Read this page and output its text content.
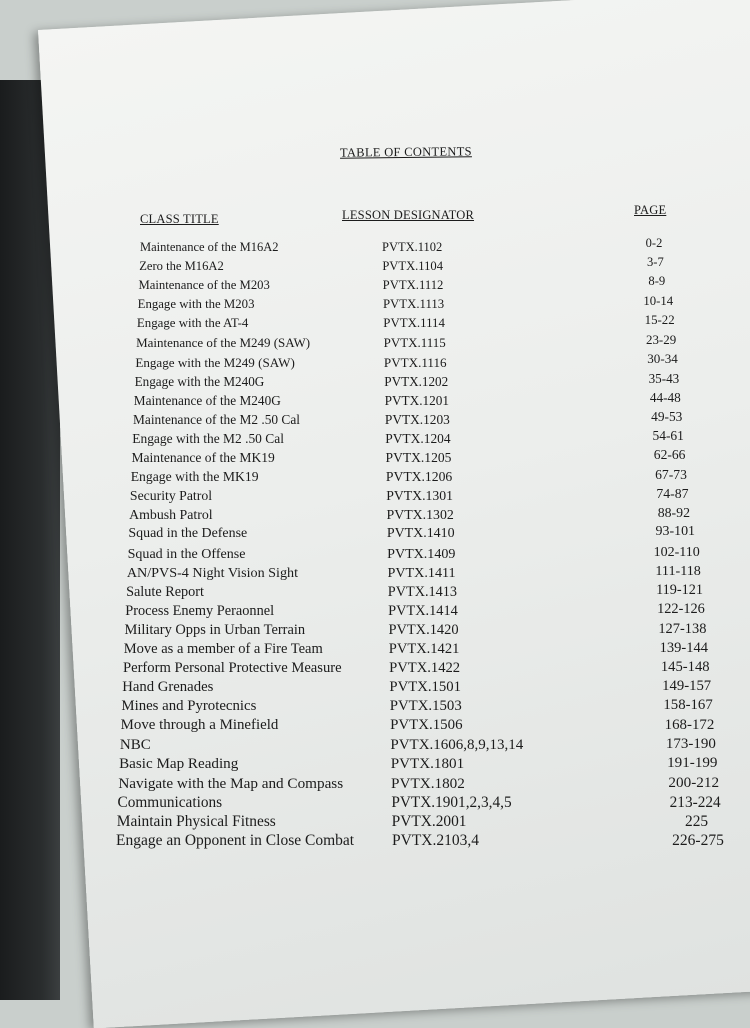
TABLE OF CONTENTS
CLASS TITLE	LESSON DESIGNATOR	PAGE
Maintenance of the M16A2	PVTX.1102	0-2
Zero the M16A2	PVTX.1104	3-7
Maintenance of the M203	PVTX.1112	8-9
Engage with the M203	PVTX.1113	10-14
Engage with the AT-4	PVTX.1114	15-22
Maintenance of the M249 (SAW)	PVTX.1115	23-29
Engage with the M249 (SAW)	PVTX.1116	30-34
Engage with the M240G	PVTX.1202	35-43
Maintenance of the M240G	PVTX.1201	44-48
Maintenance of the M2 .50 Cal	PVTX.1203	49-53
Engage with the M2 .50 Cal	PVTX.1204	54-61
Maintenance of the MK19	PVTX.1205	62-66
Engage with the MK19	PVTX.1206	67-73
Security Patrol	PVTX.1301	74-87
Ambush Patrol	PVTX.1302	88-92
Squad in the Defense	PVTX.1410	93-101
Squad in the Offense	PVTX.1409	102-110
AN/PVS-4 Night Vision Sight	PVTX.1411	111-118
Salute Report	PVTX.1413	119-121
Process Enemy Peraonnel	PVTX.1414	122-126
Military Opps in Urban Terrain	PVTX.1420	127-138
Move as a member of a Fire Team	PVTX.1421	139-144
Perform Personal Protective Measure	PVTX.1422	145-148
Hand Grenades	PVTX.1501	149-157
Mines and Pyrotecnics	PVTX.1503	158-167
Move through a Minefield	PVTX.1506	168-172
NBC	PVTX.1606,8,9,13,14	173-190
Basic Map Reading	PVTX.1801	191-199
Navigate with the Map and Compass	PVTX.1802	200-212
Communications	PVTX.1901,2,3,4,5	213-224
Maintain Physical Fitness	PVTX.2001	225
Engage an Opponent in Close Combat PVTX.2103,4	226-275
